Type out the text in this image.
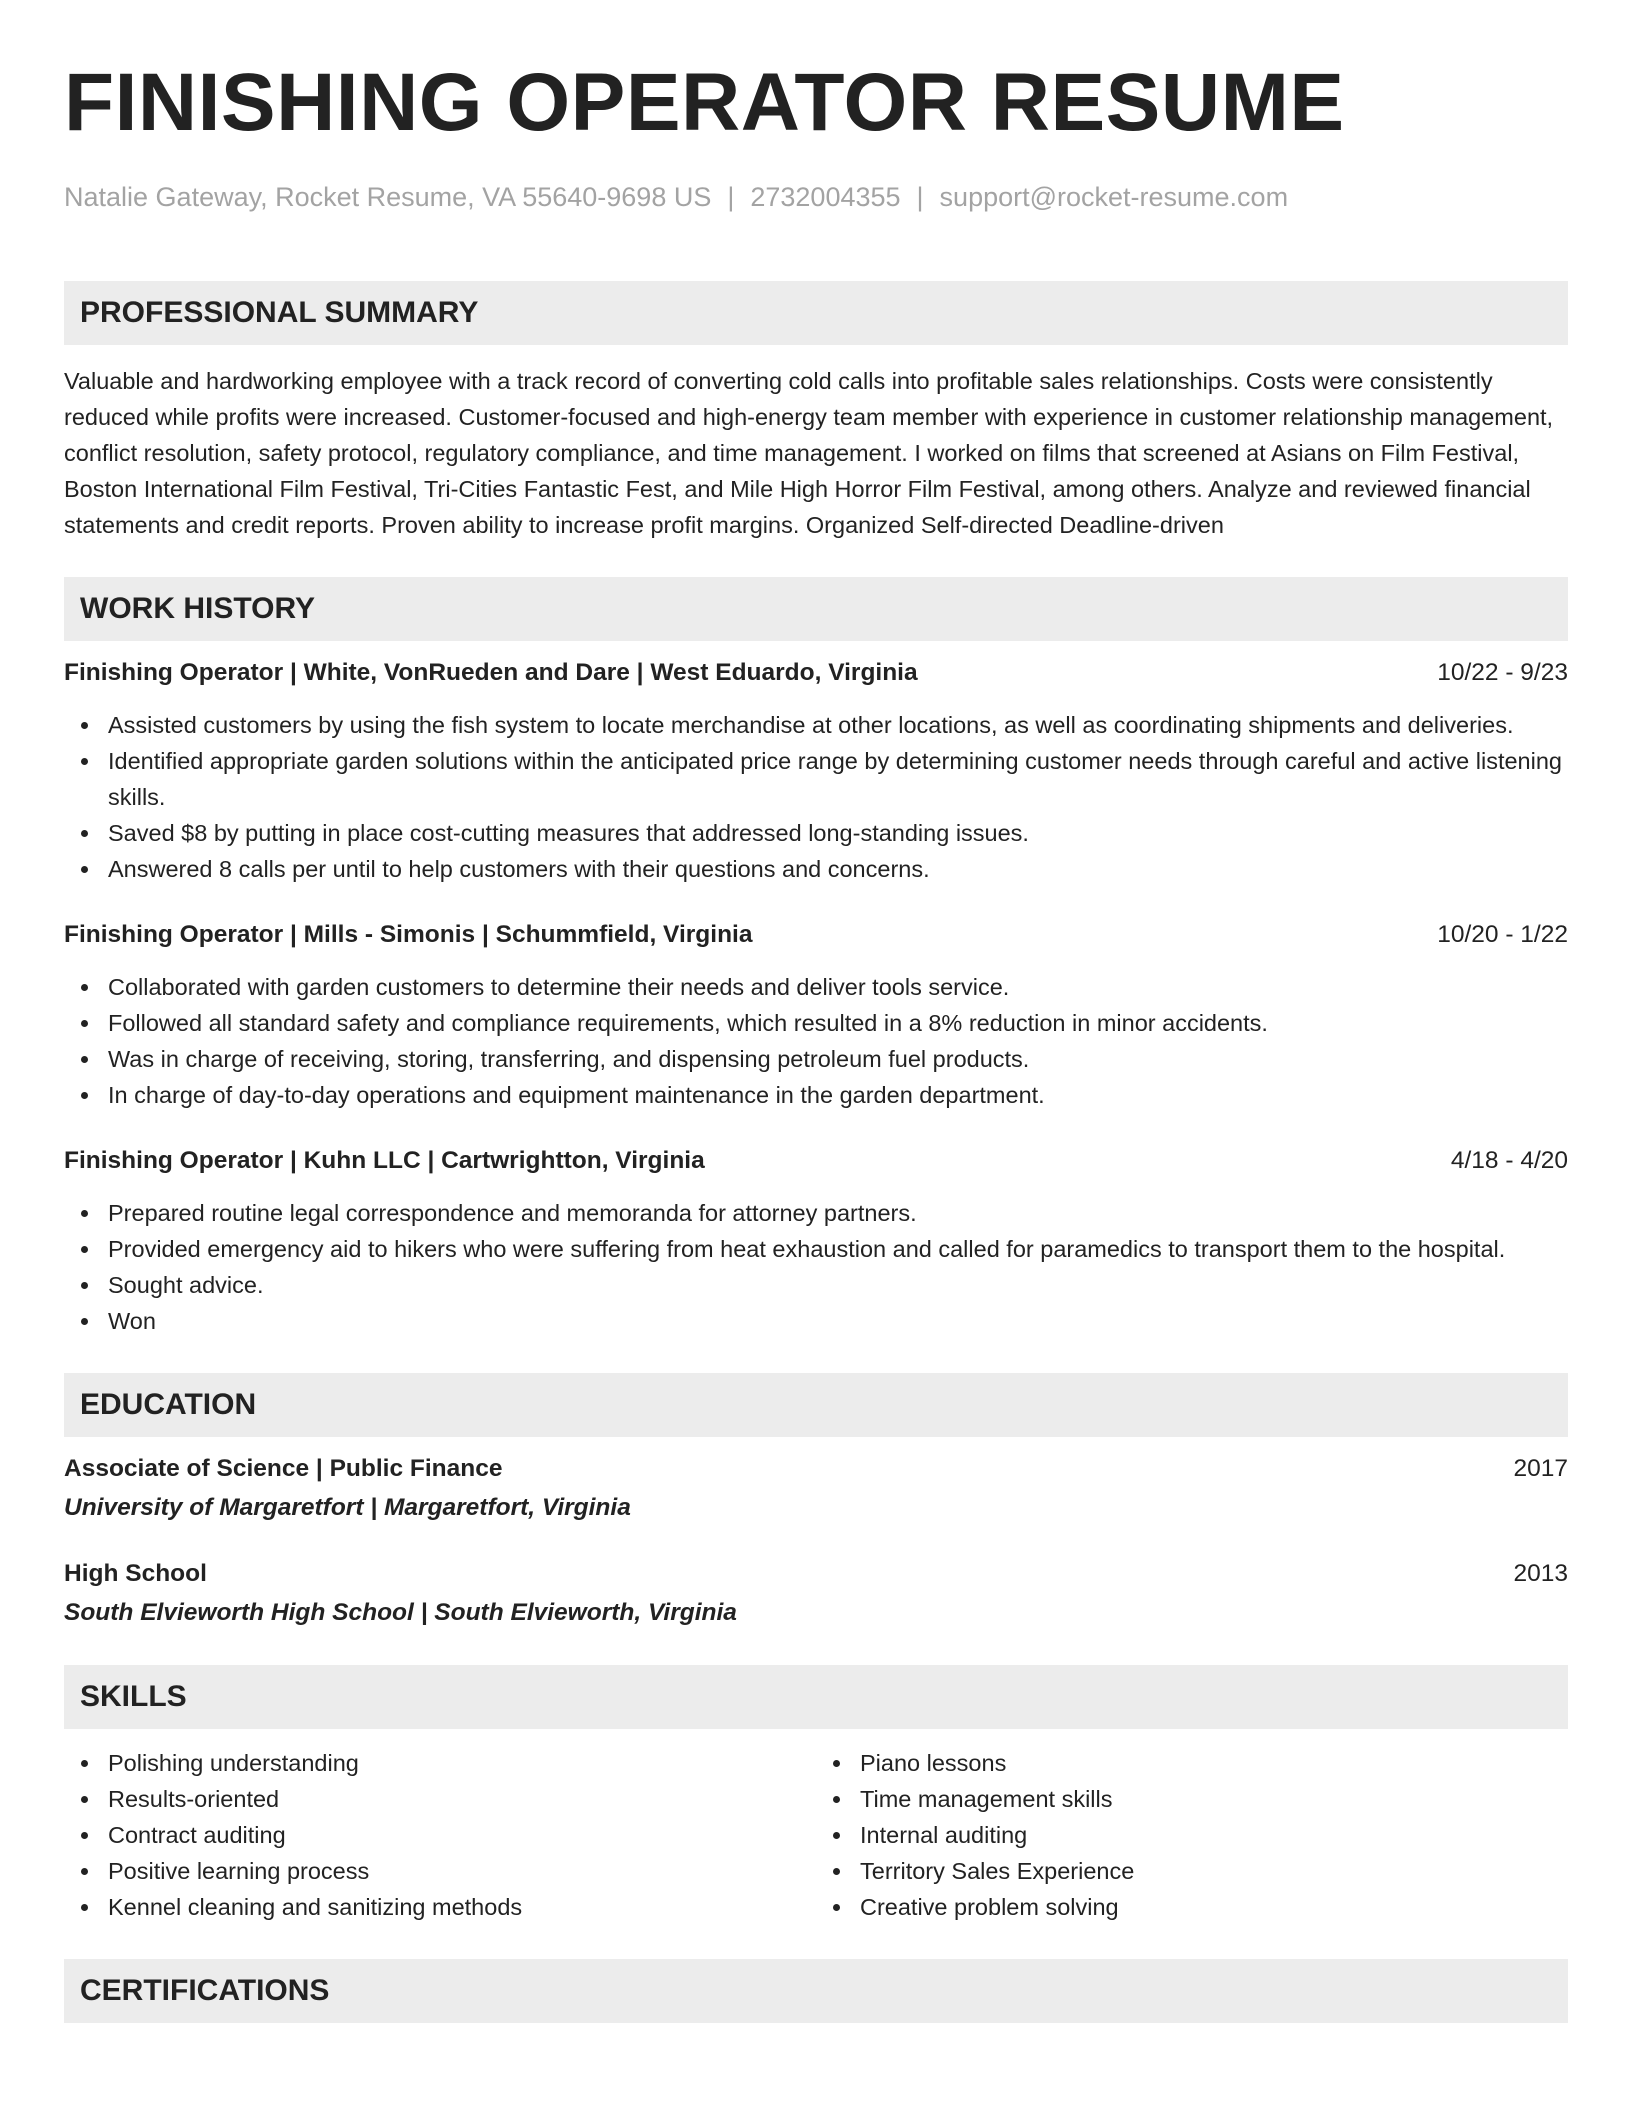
FINISHING OPERATOR RESUME
Natalie Gateway, Rocket Resume, VA 55640-9698 US | 2732004355 | support@rocket-resume.com
PROFESSIONAL SUMMARY

Valuable and hardworking employee with a track record of converting cold calls into profitable sales relationships. Costs were consistently reduced while profits were increased. Customer-focused and high-energy team member with experience in customer relationship management, conflict resolution, safety protocol, regulatory compliance, and time management. I worked on films that screened at Asians on Film Festival, Boston International Film Festival, Tri-Cities Fantastic Fest, and Mile High Horror Film Festival, among others. Analyze and reviewed financial statements and credit reports. Proven ability to increase profit margins. Organized Self-directed Deadline-driven

WORK HISTORY
Finishing Operator | White, VonRueden and Dare | West Eduardo, Virginia	10/22 - 9/23
Assisted customers by using the fish system to locate merchandise at other locations, as well as coordinating shipments and deliveries.
Identified appropriate garden solutions within the anticipated price range by determining customer needs through careful and active listening skills.
Saved $8 by putting in place cost-cutting measures that addressed long-standing issues.
Answered 8 calls per until to help customers with their questions and concerns.
Finishing Operator | Mills - Simonis | Schummfield, Virginia	10/20 - 1/22
Collaborated with garden customers to determine their needs and deliver tools service.
Followed all standard safety and compliance requirements, which resulted in a 8% reduction in minor accidents.
Was in charge of receiving, storing, transferring, and dispensing petroleum fuel products.
In charge of day-to-day operations and equipment maintenance in the garden department.
Finishing Operator | Kuhn LLC | Cartwrightton, Virginia	4/18 - 4/20
Prepared routine legal correspondence and memoranda for attorney partners.
Provided emergency aid to hikers who were suffering from heat exhaustion and called for paramedics to transport them to the hospital.
Sought advice.
Won
EDUCATION
Associate of Science | Public Finance	2017
University of Margaretfort | Margaretfort, Virginia
High School	2013
South Elvieworth High School | South Elvieworth, Virginia
SKILLS
Polishing understanding
Results-oriented
Contract auditing
Positive learning process
Kennel cleaning and sanitizing methods
Piano lessons
Time management skills
Internal auditing
Territory Sales Experience
Creative problem solving
CERTIFICATIONS
